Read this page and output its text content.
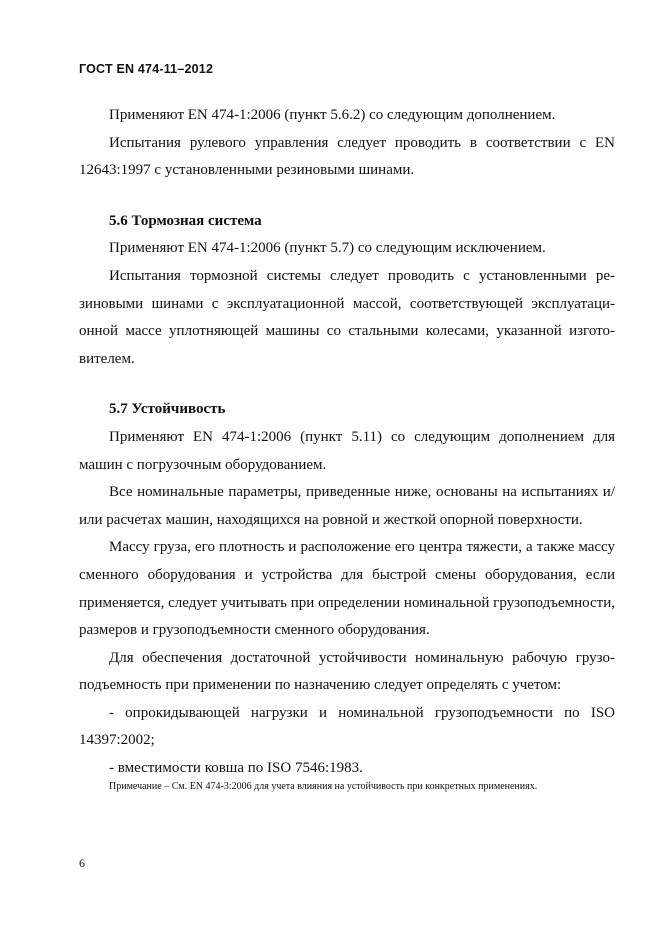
ГОСТ EN 474-11–2012

Применяют EN 474-1:2006 (пункт 5.6.2) со следующим дополнением.

Испытания рулевого управления следует проводить в соответствии с EN 12643:1997 с установленными резиновыми шинами.

5.6 Тормозная система

Применяют EN 474-1:2006 (пункт 5.7) со следующим исключением.

Испытания тормозной системы следует проводить с установленными резиновыми шинами с эксплуатационной массой, соответствующей эксплуатационной массе уплотняющей машины со стальными колесами, указанной изготовителем.

5.7 Устойчивость

Применяют EN 474-1:2006 (пункт 5.11) со следующим дополнением для машин с погрузочным оборудованием.

Все номинальные параметры, приведенные ниже, основаны на испытаниях и/или расчетах машин, находящихся на ровной и жесткой опорной поверхности.

Массу груза, его плотность и расположение его центра тяжести, а также массу сменного оборудования и устройства для быстрой смены оборудования, если применяется, следует учитывать при определении номинальной грузоподъемности, размеров и грузоподъемности сменного оборудования.

Для обеспечения достаточной устойчивости номинальную рабочую грузоподъемность при применении по назначению следует определять с учетом:

- опрокидывающей нагрузки и номинальной грузоподъемности по ISO 14397:2002;

- вместимости ковша по ISO 7546:1983.

Примечание – См. EN 474-3:2006 для учета влияния на устойчивость при конкретных применениях.

6
